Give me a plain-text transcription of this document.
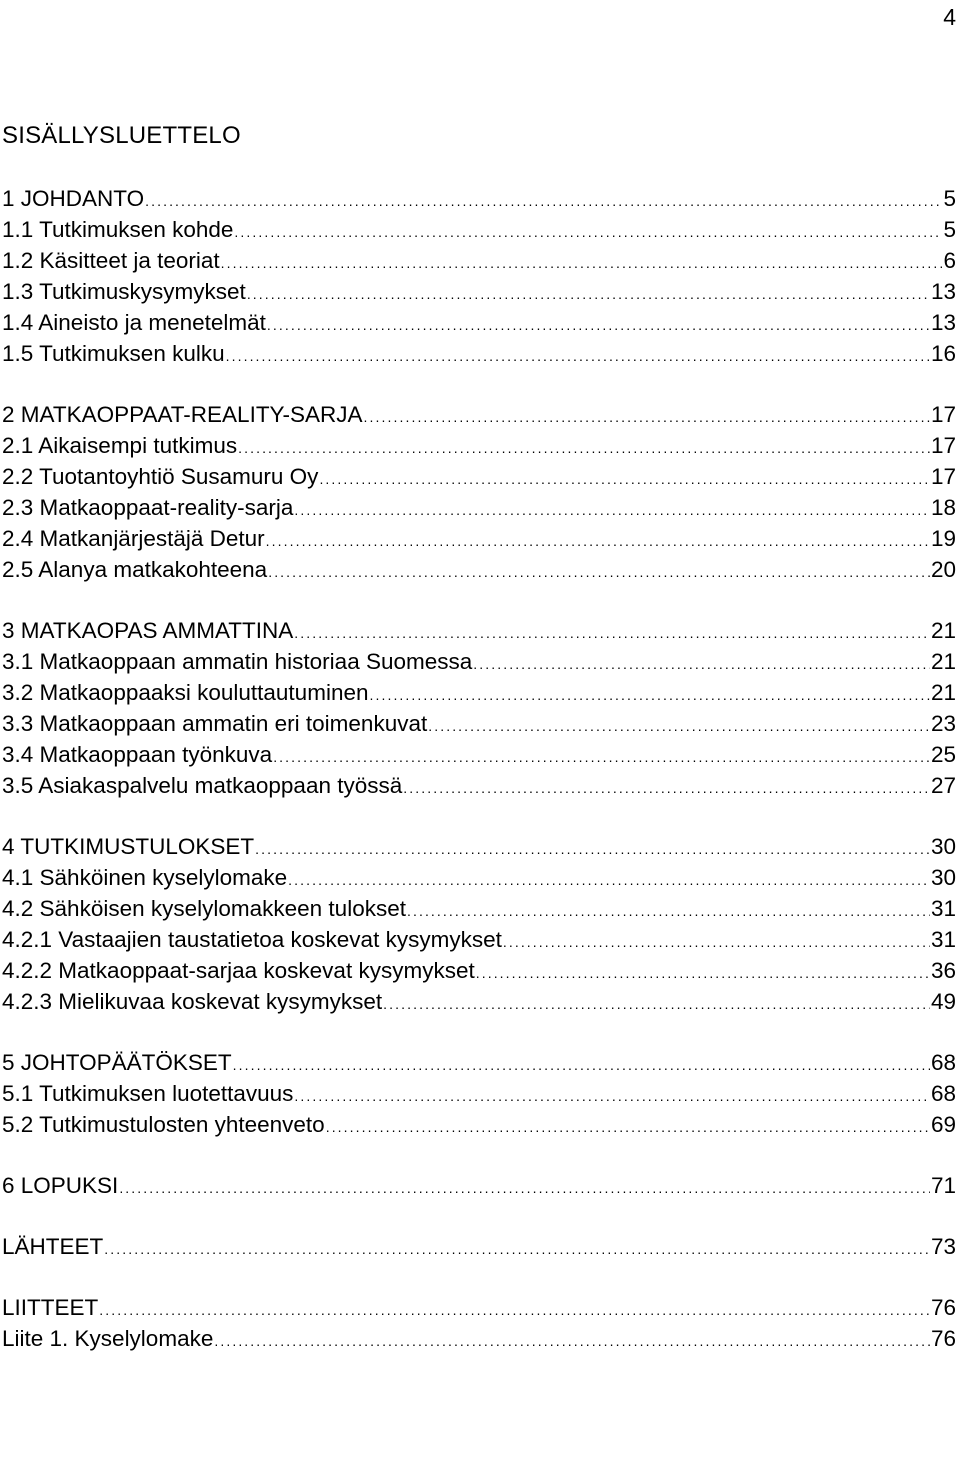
4
SISÄLLYSLUETTELO
1 JOHDANTO .....	5
1.1 Tutkimuksen kohde .....	5
1.2 Käsitteet ja teoriat .....	6
1.3 Tutkimuskysymykset .....	13
1.4 Aineisto ja menetelmät .....	13
1.5 Tutkimuksen kulku .....	16
2 MATKAOPPAAT-REALITY-SARJA .....	17
2.1 Aikaisempi tutkimus .....	17
2.2 Tuotantoyhtiö Susamuru Oy .....	17
2.3 Matkaoppaat-reality-sarja .....	18
2.4 Matkanjärjestäjä Detur .....	19
2.5 Alanya matkakohteena .....	20
3 MATKAOPAS AMMATTINA .....	21
3.1 Matkaoppaan ammatin historiaa Suomessa .....	21
3.2 Matkaoppaaksi kouluttautuminen .....	21
3.3 Matkaoppaan ammatin eri toimenkuvat .....	23
3.4 Matkaoppaan työnkuva .....	25
3.5 Asiakaspalvelu matkaoppaan työssä .....	27
4 TUTKIMUSTULOKSET .....	30
4.1 Sähköinen kyselylomake .....	30
4.2 Sähköisen kyselylomakkeen tulokset .....	31
4.2.1 Vastaajien taustatietoa koskevat kysymykset .....	31
4.2.2 Matkaoppaat-sarjaa koskevat kysymykset .....	36
4.2.3 Mielikuvaa koskevat kysymykset .....	49
5 JOHTOPÄÄTÖKSET .....	68
5.1 Tutkimuksen luotettavuus .....	68
5.2 Tutkimustulosten yhteenveto .....	69
6 LOPUKSI .....	71
LÄHTEET .....	73
LIITTEET .....	76
Liite 1. Kyselylomake .....	76
